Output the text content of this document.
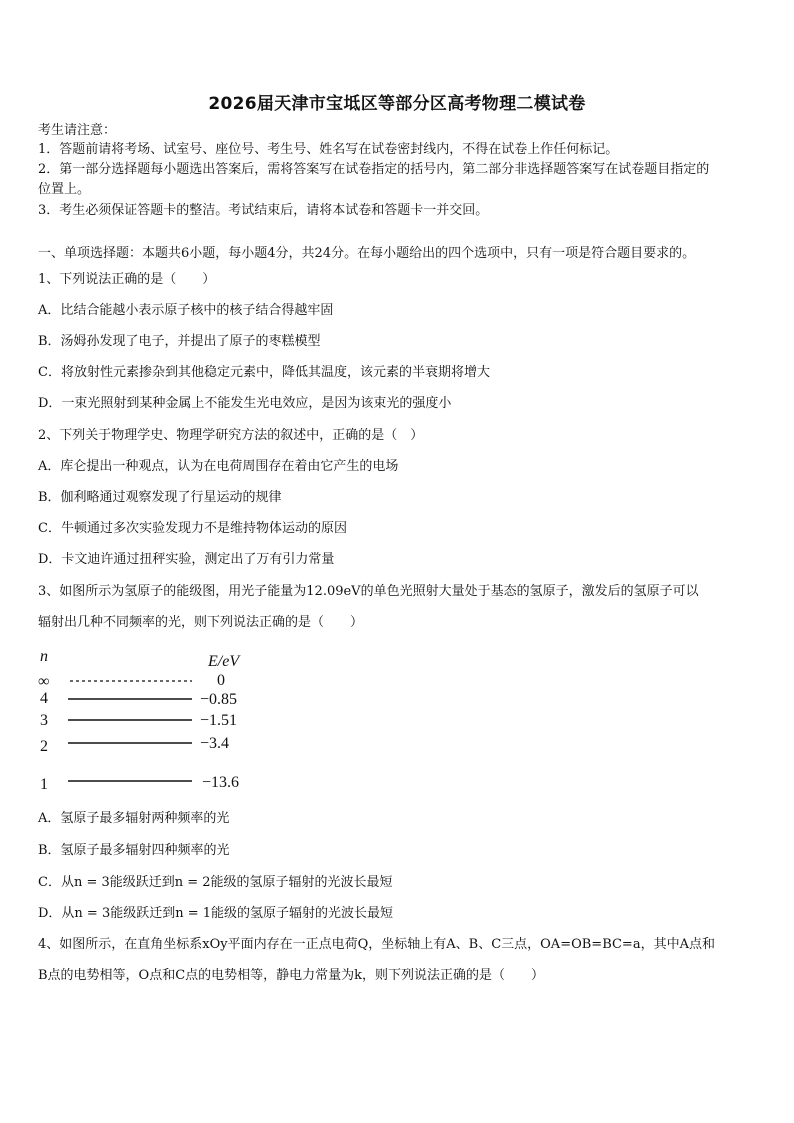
2026届天津市宝坻区等部分区高考物理二模试卷
考生请注意：
1．答题前请将考场、试室号、座位号、考生号、姓名写在试卷密封线内，不得在试卷上作任何标记。
2．第一部分选择题每小题选出答案后，需将答案写在试卷指定的括号内，第二部分非选择题答案写在试卷题目指定的
位置上。
3．考生必须保证答题卡的整洁。考试结束后，请将本试卷和答题卡一并交回。
一、单项选择题：本题共6小题，每小题4分，共24分。在每小题给出的四个选项中，只有一项是符合题目要求的。
1、下列说法正确的是（　　）
A．比结合能越小表示原子核中的核子结合得越牢固
B．汤姆孙发现了电子，并提出了原子的枣糕模型
C．将放射性元素掺杂到其他稳定元素中，降低其温度，该元素的半衰期将增大
D．一束光照射到某种金属上不能发生光电效应，是因为该束光的强度小
2、下列关于物理学史、物理学研究方法的叙述中，正确的是（　）
A．库仑提出一种观点，认为在电荷周围存在着由它产生的电场
B．伽利略通过观察发现了行星运动的规律
C．牛顿通过多次实验发现力不是维持物体运动的原因
D．卡文迪许通过扭秤实验，测定出了万有引力常量
3、如图所示为氢原子的能级图，用光子能量为12.09eV的单色光照射大量处于基态的氢原子，激发后的氢原子可以
辐射出几种不同频率的光，则下列说法正确的是（　　）
n	E/eV
∞	0
4	−0.85
3	−1.51
2	−3.4
1	−13.6
A．氢原子最多辐射两种频率的光
B．氢原子最多辐射四种频率的光
C．从n = 3能级跃迁到n = 2能级的氢原子辐射的光波长最短
D．从n = 3能级跃迁到n = 1能级的氢原子辐射的光波长最短
4、如图所示，在直角坐标系xOy平面内存在一正点电荷Q，坐标轴上有A、B、C三点，OA=OB=BC=a，其中A点和
B点的电势相等，O点和C点的电势相等，静电力常量为k，则下列说法正确的是（　　）
